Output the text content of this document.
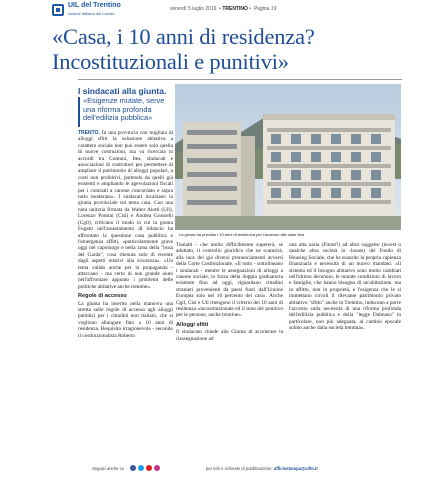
UIL del Trentino
Unione Italiana del Lavoro
venerdì 5 luglio 2019  • TRENTINO •  Pagina 19
«Casa, i 10 anni di residenza? Incostituzionali e punitivi»
I sindacati alla giunta.
«Esigenze mutate, serve una riforma profonda dell'edilizia pubblica»
La giunta ha previsto i 10 anni di residenza per l'accesso alle case Itea

TRENTO. In una provincia con migliaia di alloggi sfitti la soluzione abitativa a carattere sociale non può essere solo quella di nuove costruzioni, ma va ricercata in accordi tra Comuni, Itea, sindacati e associazioni di costruttori per permettere di ampliare il patrimonio di alloggi popolari, a costi non proibitivi, partendo da quelli già esistenti e ampliando le agevolazioni fiscali per i contratti a canone concordato e sopra tutto moderato». I sindacati incalzano la giunta provinciale sul tema casa. Con una nota unitaria firmata da Walter Alotti (Uil), Lorenzo Pomini (Cisl) e Andrea Grosselli (Cgil), criticano il modo in cui la giunta Fugatti nell'assestamento di bilancio ha affrontato la questione casa pubblica e l'emergenza affitti, «particolarmente grave oggi nel capoluogo e nella zona della "busa del Garda", cosa ritenuta solo di recente dagli aspetti relativi alla sicurezza». «Un tema valido anche per la propaganda - attaccano - ma certo di non grande aiuto nell'affrontare appunto i problemi delle politiche abitative anche trentine».

Regole di accesso

La giunta ha inserito nella manovra una stretta sulle regole di accesso agli alloggi pubblici per i cittadini non italiani, che si vogliono allungare fino a 10 anni di residenza. Requisito irragionevole - secondo il costituzionalista Roberto

Toniatti - che molto difficilmente supererà, se adottato, il controllo giuridico che ne scaturirà, alla luce dei già diversi pronunciamenti avversi della Corte Costituzionale. «Il tutto - sottolineano i sindacati - mentre le assegnazioni di alloggi a canone sociale, in forza della doppia graduatoria esistente fino ad oggi, riguardano cittadini stranieri provenienti da paesi fuori dall'Unione Europea solo nel 10 percento dei casi». Anche Cgil, Cisl e Uil ritengono il criterio dei 10 anni di residenza «incostituzionale ed il tono del punitivo per le persone, anche trentine».

Alloggi sfitti

Il sindacato chiede alla Giunta di accelerare la riassegnazione ad

una alta naria (Finint?) ad altro soggetto (invest o qualche altra società in -house) del Fondo di Housing Sociale, che ha esaurito la propria capienza finanziaria e necessità di un nuovo mandato. «Il sistema ed il bisogno abitativo sono molto cambiati nell'ultimo decennio, le mutate condizioni di lavoro e famiglie, che hanno bisogno di un'abitazione, ma in affitto, non in proprietà, e l'esigenza che le si immettano circoli il rilevante patrimonio privato abitativo "sfitto" anche in Trentino, inducono a porre l'accento sulla necessità di una riforma profonda dell'edilizia pubblica e della "legge Dalmaso" in particolare, non più adeguata, al cambio epocale subito anche dalla società trentina».

Seguici anche su	per info e richieste di pubblicazione: ufficiostampa@uiltn.it
